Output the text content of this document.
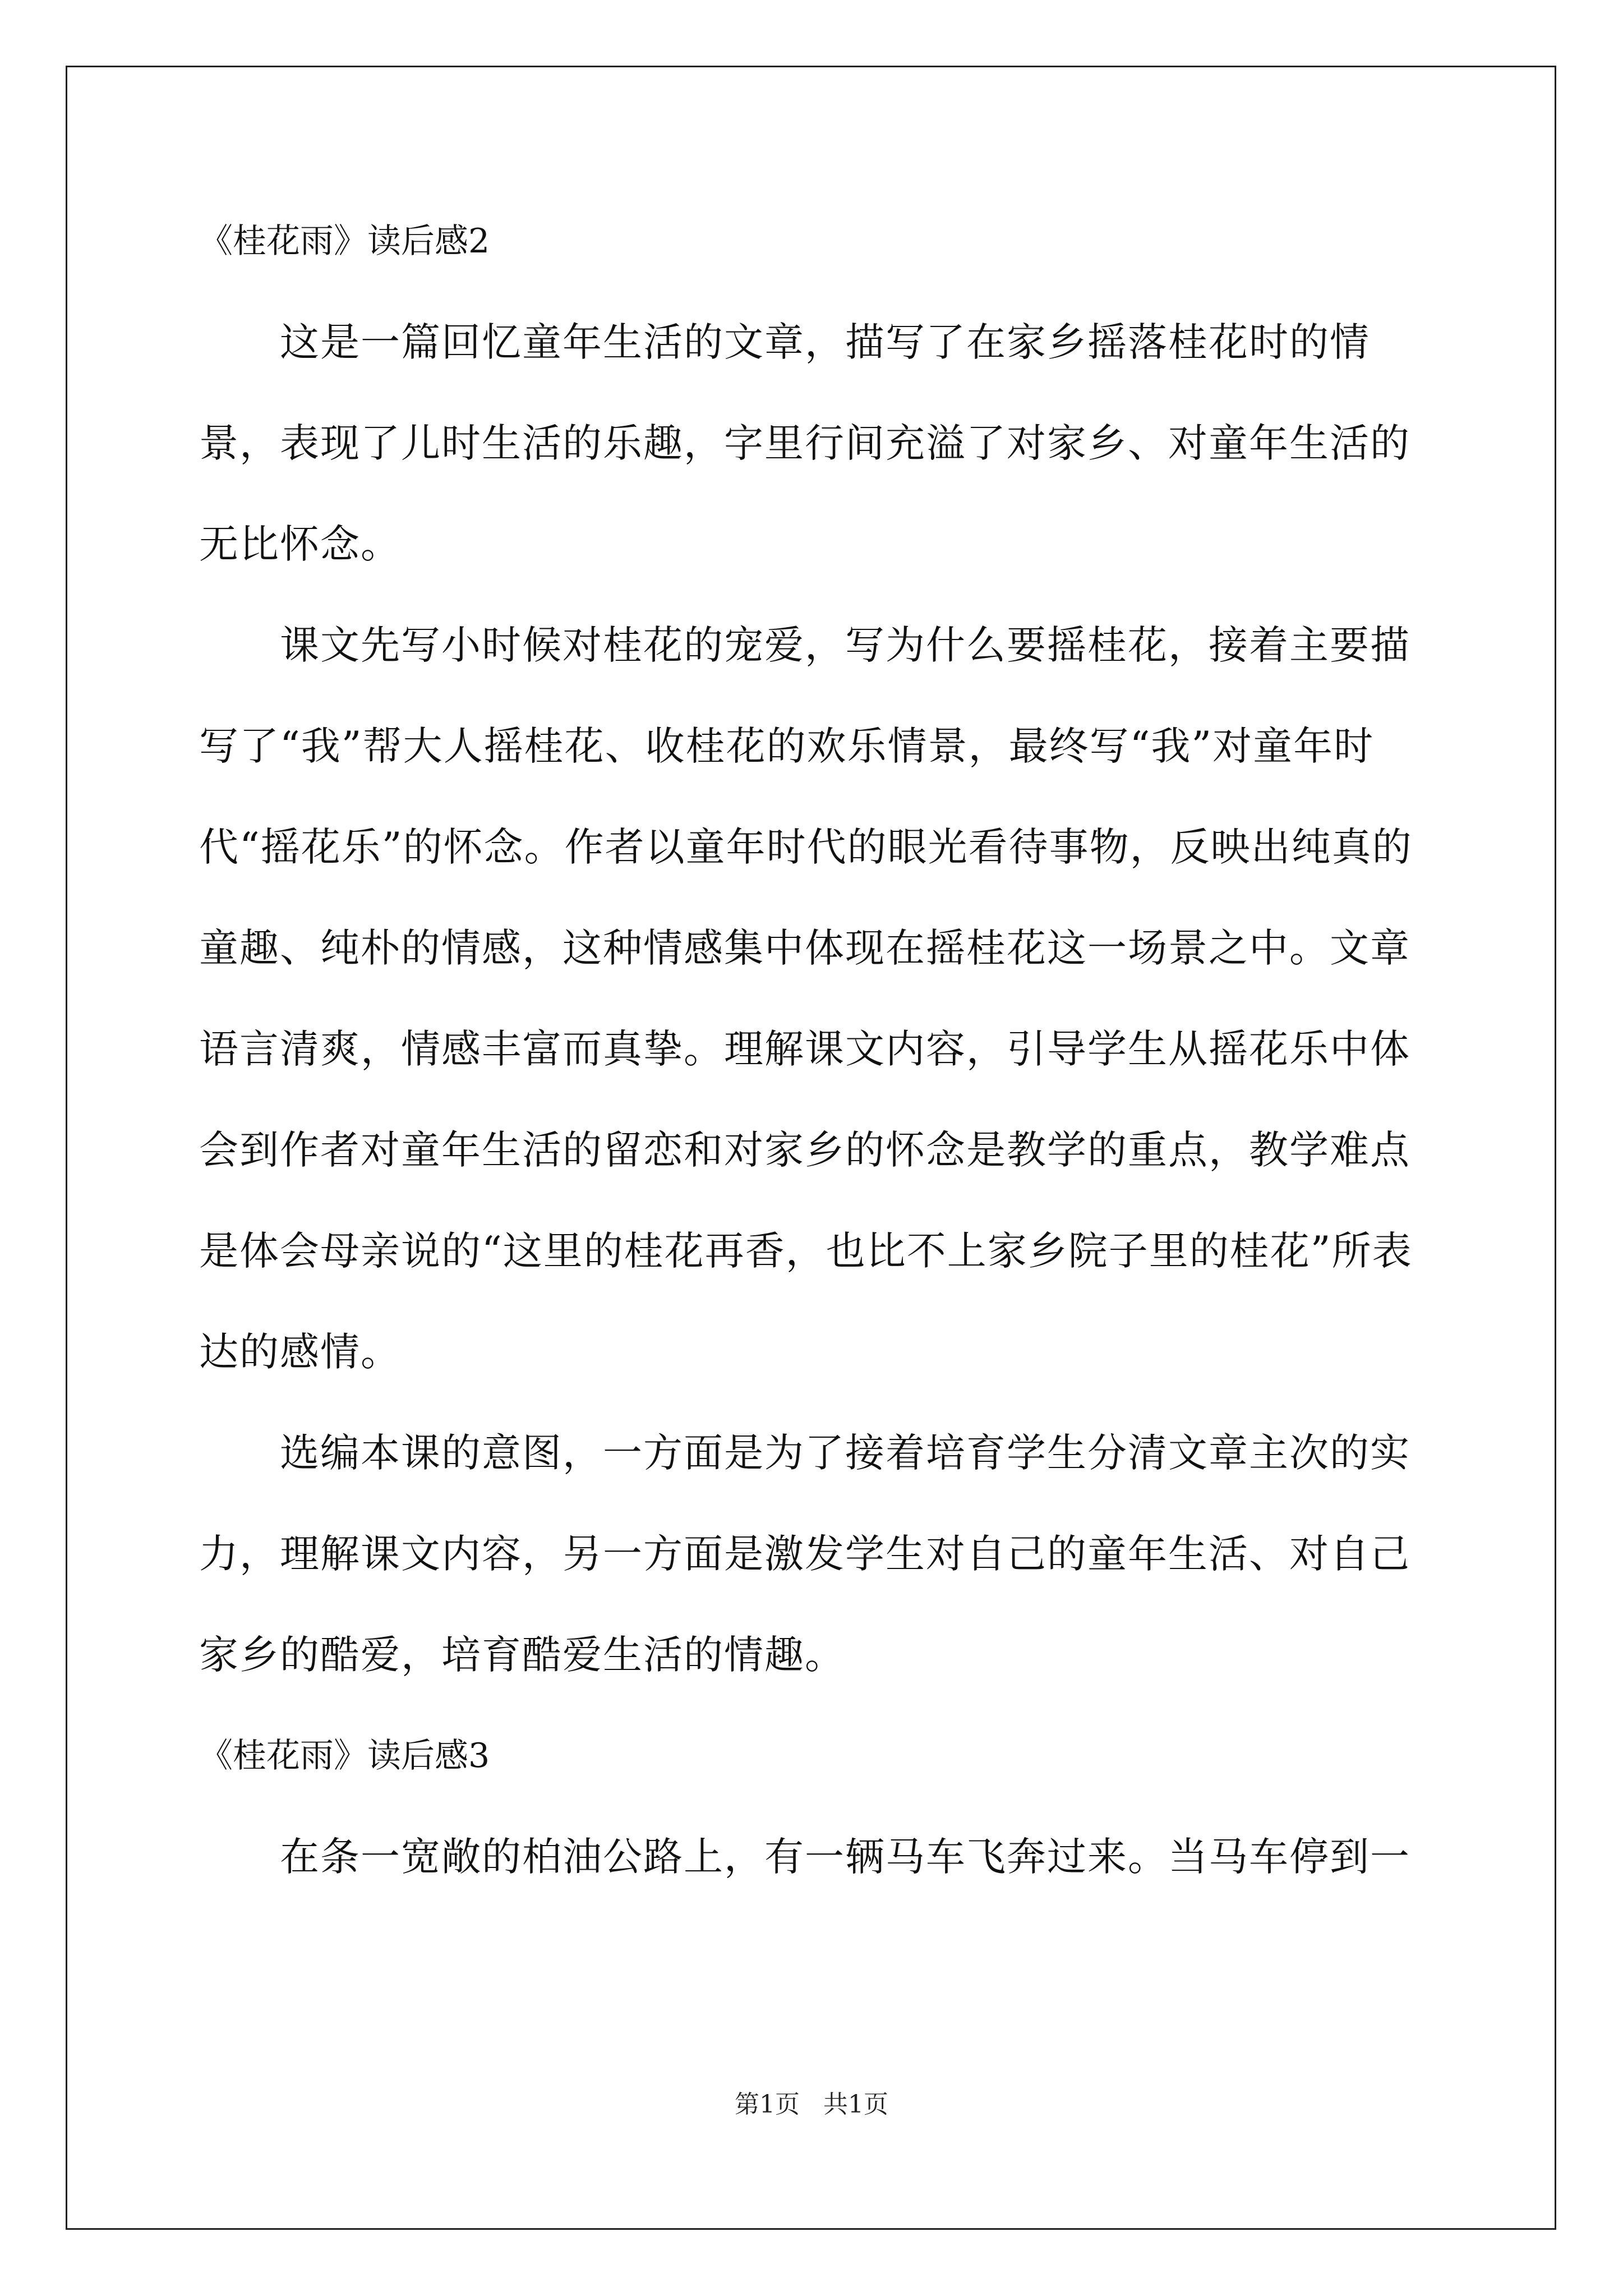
《桂花雨》读后感2

这是一篇回忆童年生活的文章，描写了在家乡摇落桂花时的情景，表现了儿时生活的乐趣，字里行间充溢了对家乡、对童年生活的无比怀念。

课文先写小时候对桂花的宠爱，写为什么要摇桂花，接着主要描写了“我”帮大人摇桂花、收桂花的欢乐情景，最终写“我”对童年时代“摇花乐”的怀念。作者以童年时代的眼光看待事物，反映出纯真的童趣、纯朴的情感，这种情感集中体现在摇桂花这一场景之中。文章语言清爽，情感丰富而真挚。理解课文内容，引导学生从摇花乐中体会到作者对童年生活的留恋和对家乡的怀念是教学的重点，教学难点是体会母亲说的“这里的桂花再香，也比不上家乡院子里的桂花”所表达的感情。

选编本课的意图，一方面是为了接着培育学生分清文章主次的实力，理解课文内容，另一方面是激发学生对自己的童年生活、对自己家乡的酷爱，培育酷爱生活的情趣。

《桂花雨》读后感3

在条一宽敞的柏油公路上，有一辆马车飞奔过来。当马车停到一

第1页   共1页
